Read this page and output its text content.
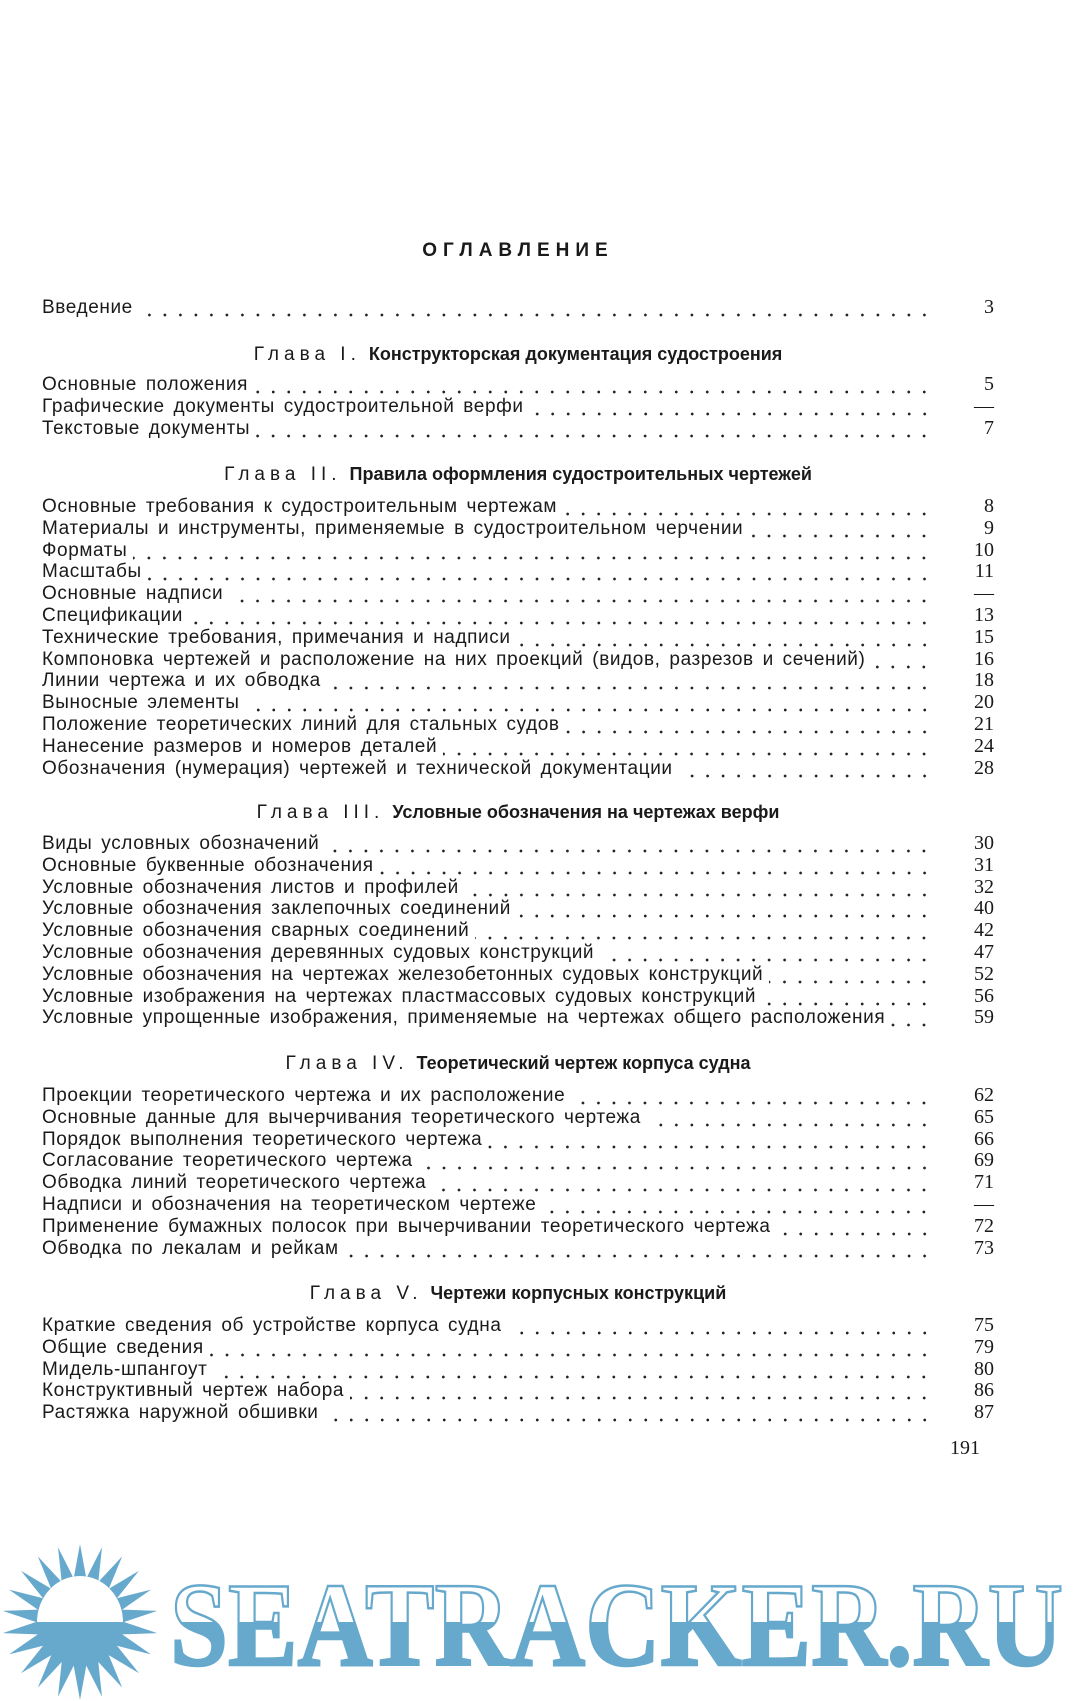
ОГЛАВЛЕНИЕ
Введение	3
Глава I. Конструкторская документация судостроения
Основные положения	5
Графические документы судостроительной верфи	—
Текстовые документы	7
Глава II. Правила оформления судостроительных чертежей
Основные требования к судостроительным чертежам	8
Материалы и инструменты, применяемые в судостроительном черчении	9
Форматы	10
Масштабы	11
Основные надписи	—
Спецификации	13
Технические требования, примечания и надписи	15
Компоновка чертежей и расположение на них проекций (видов, разрезов и сечений)	16
Линии чертежа и их обводка	18
Выносные элементы	20
Положение теоретических линий для стальных судов	21
Нанесение размеров и номеров деталей	24
Обозначения (нумерация) чертежей и технической документации	28
Глава III. Условные обозначения на чертежах верфи
Виды условных обозначений	30
Основные буквенные обозначения	31
Условные обозначения листов и профилей	32
Условные обозначения заклепочных соединений	40
Условные обозначения сварных соединений	42
Условные обозначения деревянных судовых конструкций	47
Условные обозначения на чертежах железобетонных судовых конструкций	52
Условные изображения на чертежах пластмассовых судовых конструкций	56
Условные упрощенные изображения, применяемые на чертежах общего расположения	59
Глава IV. Теоретический чертеж корпуса судна
Проекции теоретического чертежа и их расположение	62
Основные данные для вычерчивания теоретического чертежа	65
Порядок выполнения теоретического чертежа	66
Согласование теоретического чертежа	69
Обводка линий теоретического чертежа	71
Надписи и обозначения на теоретическом чертеже	—
Применение бумажных полосок при вычерчивании теоретического чертежа	72
Обводка по лекалам и рейкам	73
Глава V. Чертежи корпусных конструкций
Краткие сведения об устройстве корпуса судна	75
Общие сведения	79
Мидель-шпангоут	80
Конструктивный чертеж набора	86
Растяжка наружной обшивки	87
191
SEATRACKER.RU
